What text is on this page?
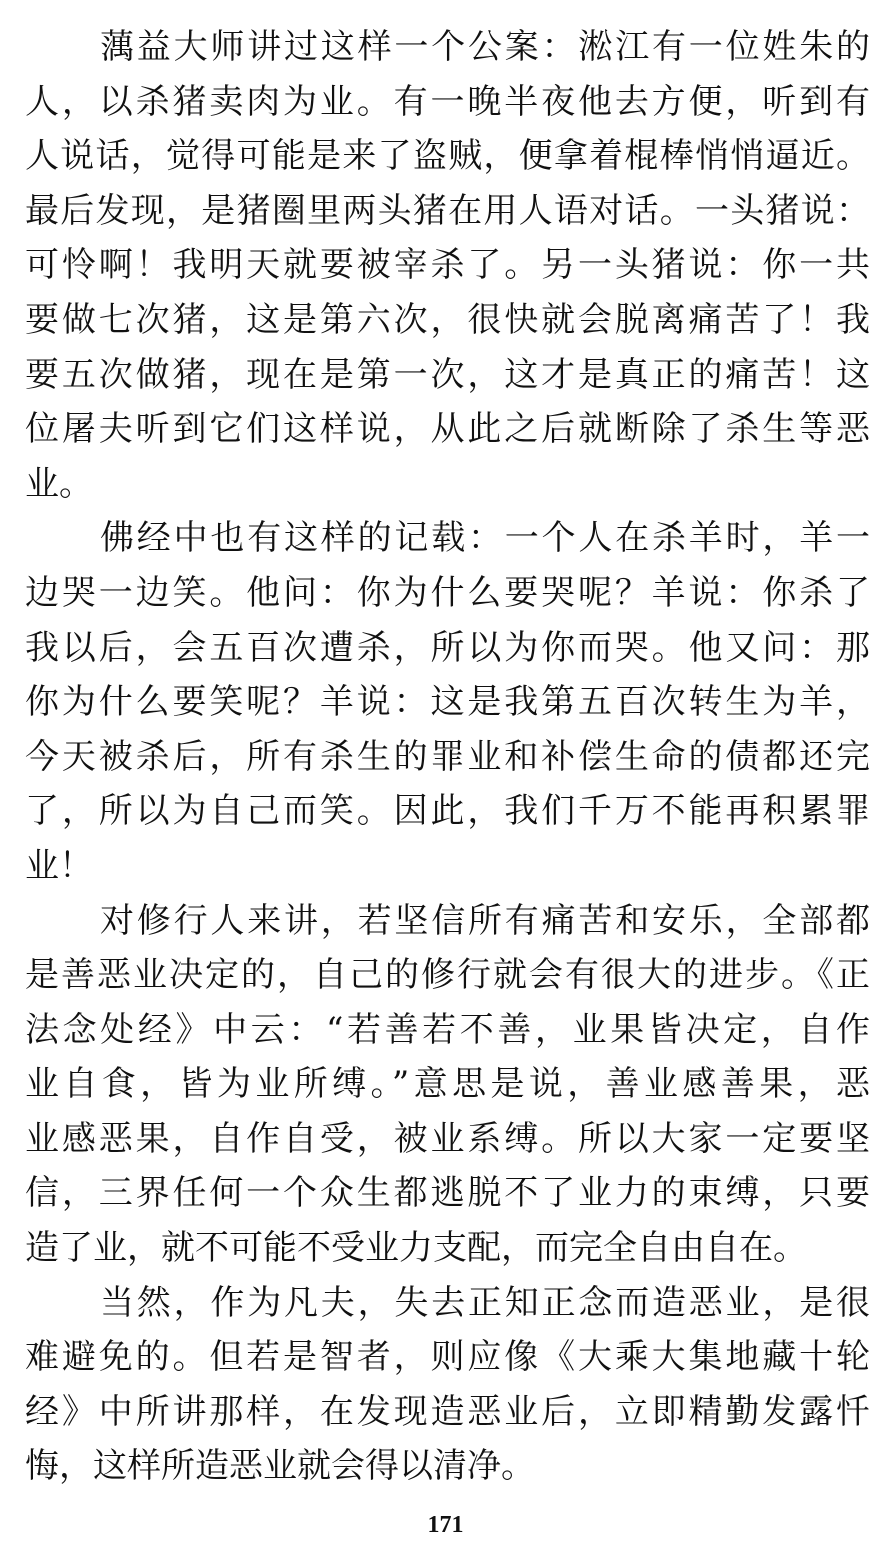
蕅益大师讲过这样一个公案：淞江有一位姓朱的
人，以杀猪卖肉为业。有一晚半夜他去方便，听到有
人说话，觉得可能是来了盗贼，便拿着棍棒悄悄逼近。
最后发现，是猪圈里两头猪在用人语对话。一头猪说：
可怜啊！我明天就要被宰杀了。另一头猪说：你一共
要做七次猪，这是第六次，很快就会脱离痛苦了！我
要五次做猪，现在是第一次，这才是真正的痛苦！这
位屠夫听到它们这样说，从此之后就断除了杀生等恶
业。
佛经中也有这样的记载：一个人在杀羊时，羊一
边哭一边笑。他问：你为什么要哭呢？羊说：你杀了
我以后，会五百次遭杀，所以为你而哭。他又问：那
你为什么要笑呢？羊说：这是我第五百次转生为羊，
今天被杀后，所有杀生的罪业和补偿生命的债都还完
了，所以为自己而笑。因此，我们千万不能再积累罪
业！
对修行人来讲，若坚信所有痛苦和安乐，全部都
是善恶业决定的，自己的修行就会有很大的进步。《正
法念处经》中云：“若善若不善，业果皆决定，自作
业自食，皆为业所缚。”意思是说，善业感善果，恶
业感恶果，自作自受，被业系缚。所以大家一定要坚
信，三界任何一个众生都逃脱不了业力的束缚，只要
造了业，就不可能不受业力支配，而完全自由自在。
当然，作为凡夫，失去正知正念而造恶业，是很
难避免的。但若是智者，则应像《大乘大集地藏十轮
经》中所讲那样，在发现造恶业后，立即精勤发露忏
悔，这样所造恶业就会得以清净。
171
